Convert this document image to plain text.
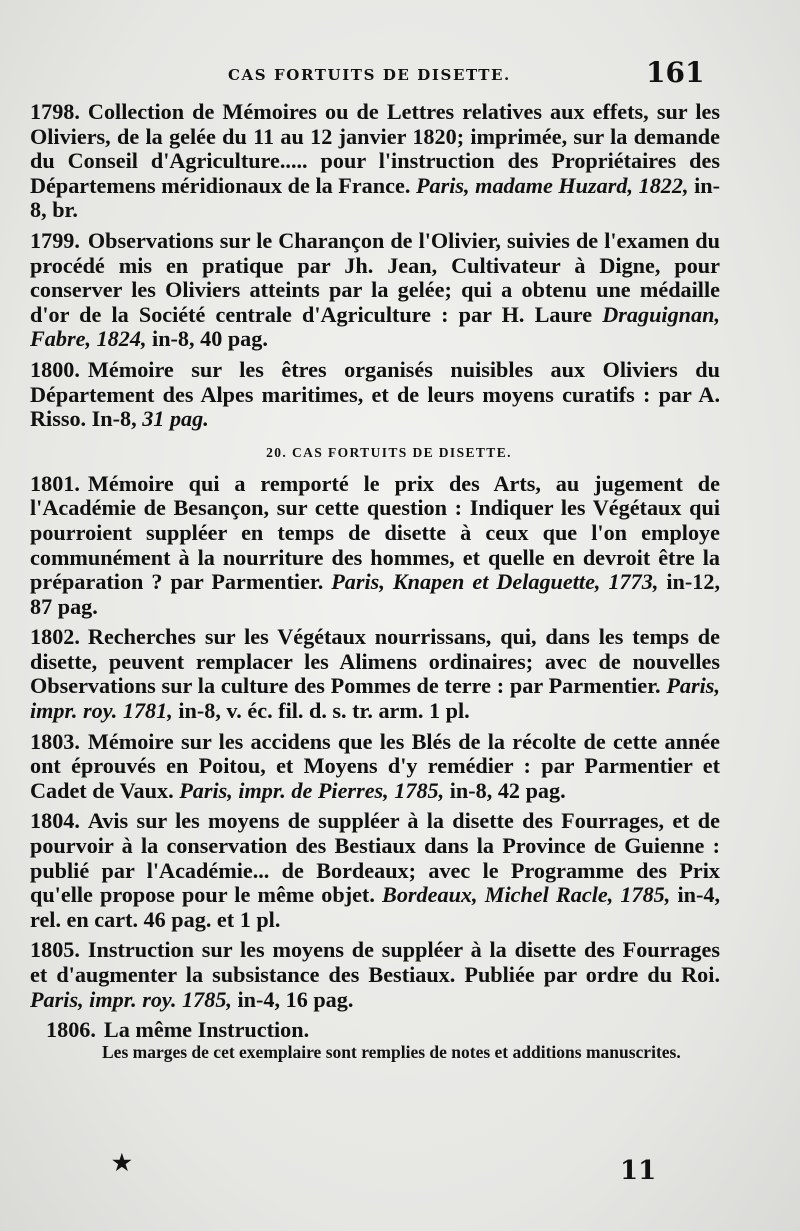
CAS FORTUITS DE DISETTE.	161

1798. Collection de Mémoires ou de Lettres relatives aux effets, sur les Oliviers, de la gelée du 11 au 12 janvier 1820; imprimée, sur la demande du Conseil d'Agriculture..... pour l'instruction des Propriétaires des Départemens méridionaux de la France. Paris, madame Huzard, 1822, in-8, br.

1799. Observations sur le Charançon de l'Olivier, suivies de l'examen du procédé mis en pratique par Jh. Jean, Cultivateur à Digne, pour conserver les Oliviers atteints par la gelée; qui a obtenu une médaille d'or de la Société centrale d'Agriculture : par H. Laure Draguignan, Fabre, 1824, in-8, 40 pag.

1800. Mémoire sur les êtres organisés nuisibles aux Oliviers du Département des Alpes maritimes, et de leurs moyens curatifs : par A. Risso. In-8, 31 pag.

20. CAS FORTUITS DE DISETTE.

1801. Mémoire qui a remporté le prix des Arts, au jugement de l'Académie de Besançon, sur cette question : Indiquer les Végétaux qui pourroient suppléer en temps de disette à ceux que l'on employe communément à la nourriture des hommes, et quelle en devroit être la préparation ? par Parmentier. Paris, Knapen et Delaguette, 1773, in-12, 87 pag.

1802. Recherches sur les Végétaux nourrissans, qui, dans les temps de disette, peuvent remplacer les Alimens ordinaires; avec de nouvelles Observations sur la culture des Pommes de terre : par Parmentier. Paris, impr. roy. 1781, in-8, v. éc. fil. d. s. tr. arm. 1 pl.

1803. Mémoire sur les accidens que les Blés de la récolte de cette année ont éprouvés en Poitou, et Moyens d'y remédier : par Parmentier et Cadet de Vaux. Paris, impr. de Pierres, 1785, in-8, 42 pag.

1804. Avis sur les moyens de suppléer à la disette des Fourrages, et de pourvoir à la conservation des Bestiaux dans la Province de Guienne : publié par l'Académie... de Bordeaux; avec le Programme des Prix qu'elle propose pour le même objet. Bordeaux, Michel Racle, 1785, in-4, rel. en cart. 46 pag. et 1 pl.

1805. Instruction sur les moyens de suppléer à la disette des Fourrages et d'augmenter la subsistance des Bestiaux. Publiée par ordre du Roi. Paris, impr. roy. 1785, in-4, 16 pag.

1806. La même Instruction.

Les marges de cet exemplaire sont remplies de notes et additions manuscrites.
★	11
